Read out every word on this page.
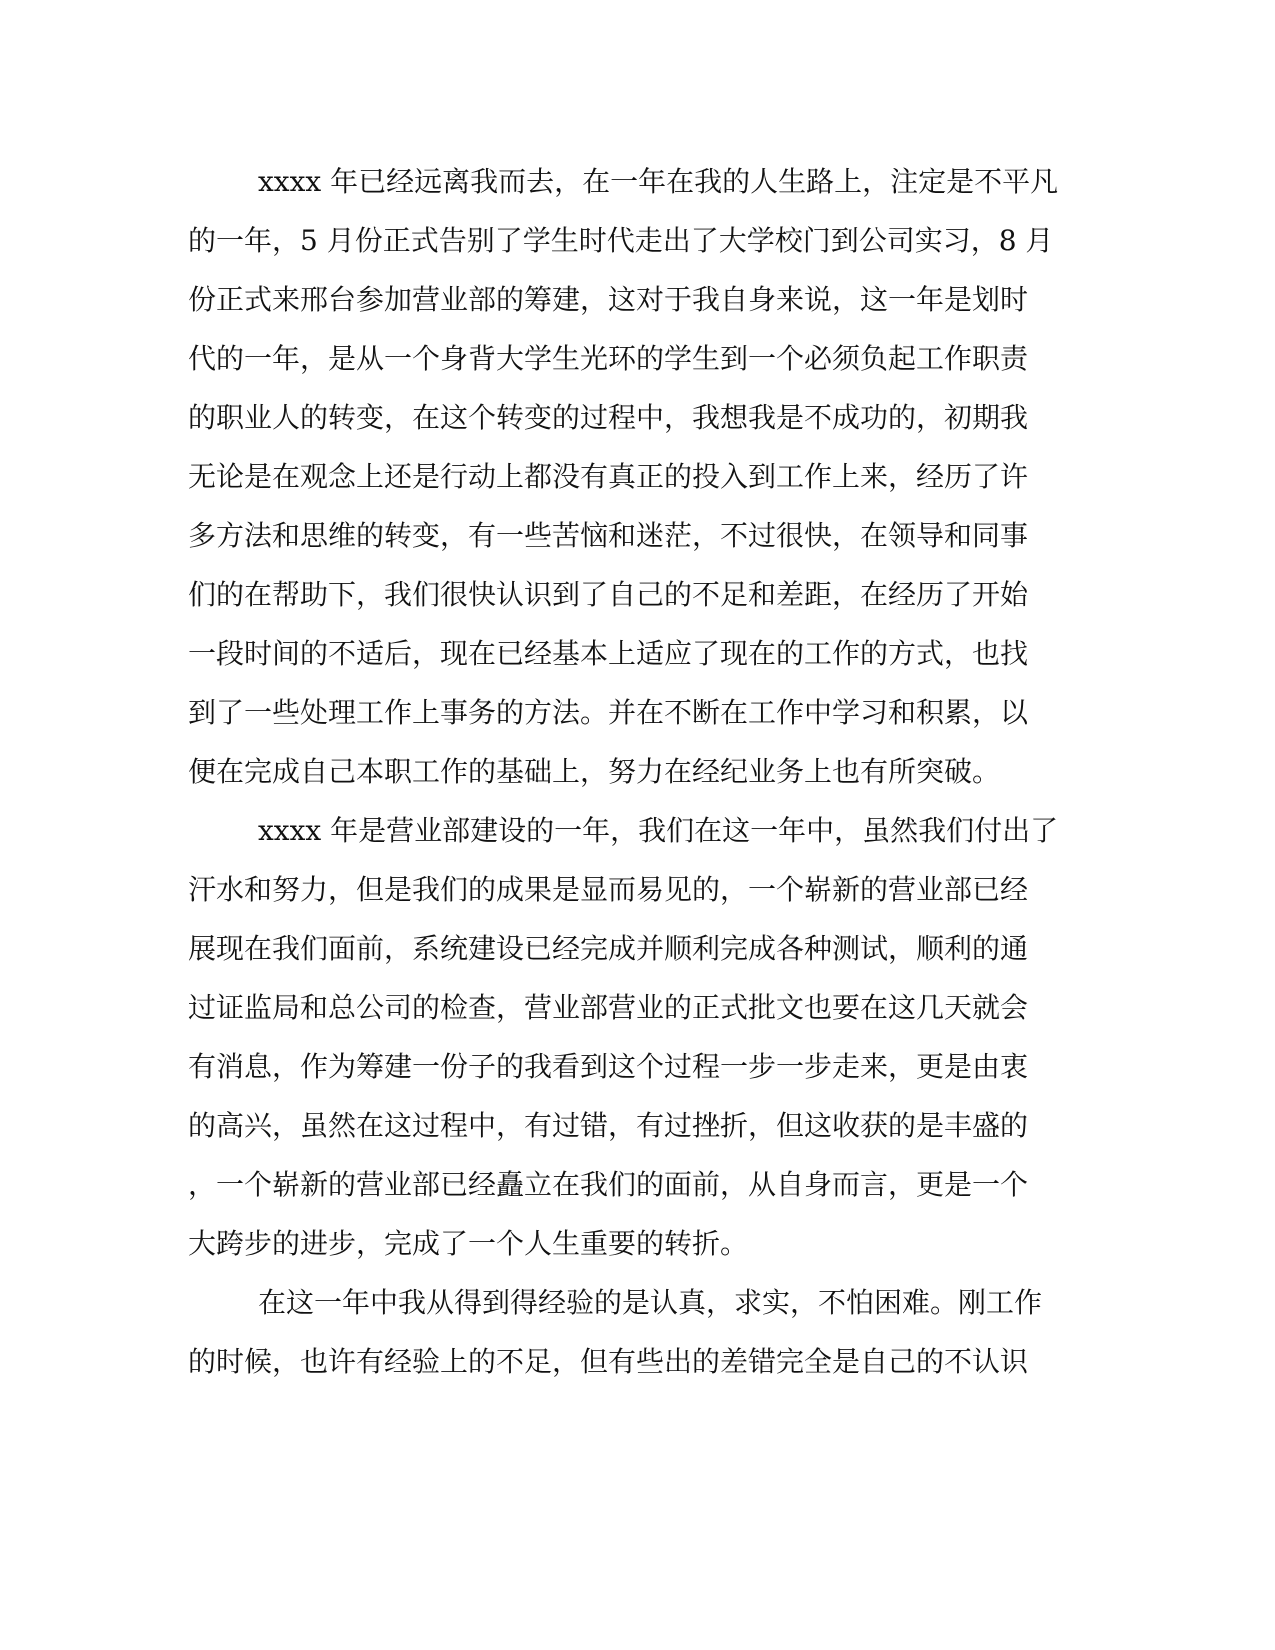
xxxx 年已经远离我而去，在一年在我的人生路上，注定是不平凡
的一年，5 月份正式告别了学生时代走出了大学校门到公司实习，8 月
份正式来邢台参加营业部的筹建，这对于我自身来说，这一年是划时
代的一年，是从一个身背大学生光环的学生到一个必须负起工作职责
的职业人的转变，在这个转变的过程中，我想我是不成功的，初期我
无论是在观念上还是行动上都没有真正的投入到工作上来，经历了许
多方法和思维的转变，有一些苦恼和迷茫，不过很快，在领导和同事
们的在帮助下，我们很快认识到了自己的不足和差距，在经历了开始
一段时间的不适后，现在已经基本上适应了现在的工作的方式，也找
到了一些处理工作上事务的方法。并在不断在工作中学习和积累，以
便在完成自己本职工作的基础上，努力在经纪业务上也有所突破。
xxxx 年是营业部建设的一年，我们在这一年中，虽然我们付出了
汗水和努力，但是我们的成果是显而易见的，一个崭新的营业部已经
展现在我们面前，系统建设已经完成并顺利完成各种测试，顺利的通
过证监局和总公司的检查，营业部营业的正式批文也要在这几天就会
有消息，作为筹建一份子的我看到这个过程一步一步走来，更是由衷
的高兴，虽然在这过程中，有过错，有过挫折，但这收获的是丰盛的
，一个崭新的营业部已经矗立在我们的面前，从自身而言，更是一个
大跨步的进步，完成了一个人生重要的转折。
在这一年中我从得到得经验的是认真，求实，不怕困难。刚工作
的时候，也许有经验上的不足，但有些出的差错完全是自己的不认识
